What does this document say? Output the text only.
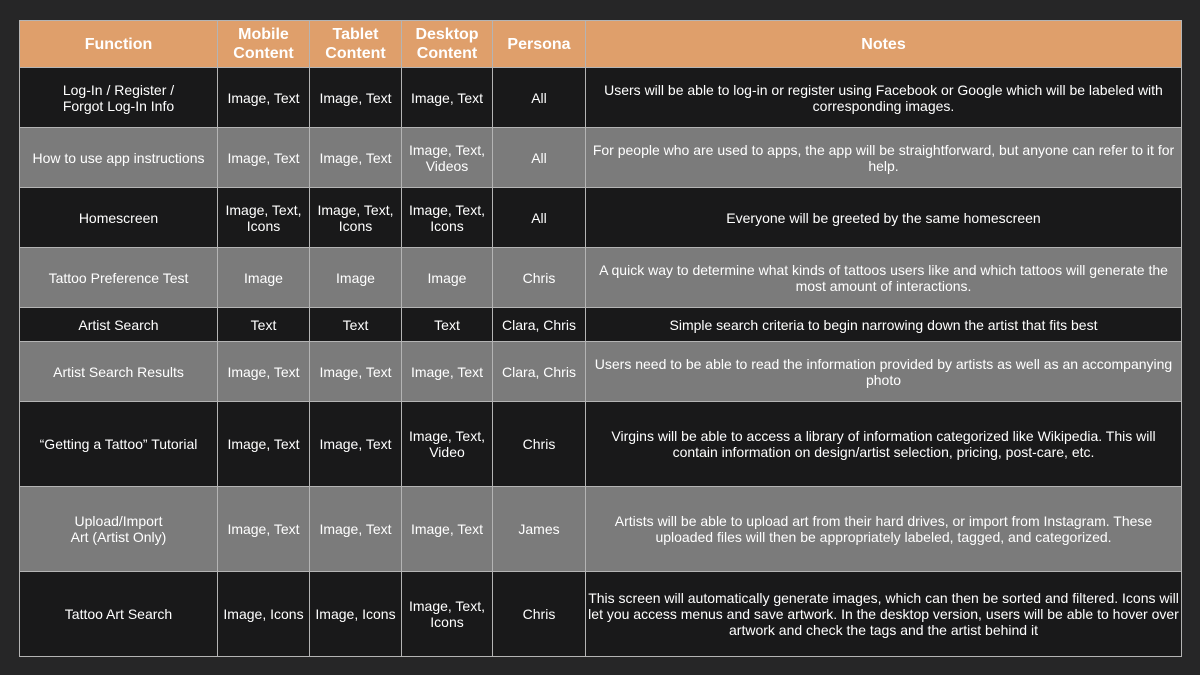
Function	Mobile Content	Tablet Content	Desktop Content	Persona	Notes
Log-In / Register / Forgot Log-In Info	Image, Text	Image, Text	Image, Text	All	Users will be able to log-in or register using Facebook or Google which will be labeled with corresponding images.
How to use app instructions	Image, Text	Image, Text	Image, Text, Videos	All	For people who are used to apps, the app will be straightforward, but anyone can refer to it for help.
Homescreen	Image, Text, Icons	Image, Text, Icons	Image, Text, Icons	All	Everyone will be greeted by the same homescreen
Tattoo Preference Test	Image	Image	Image	Chris	A quick way to determine what kinds of tattoos users like and which tattoos will generate the most amount of interactions.
Artist Search	Text	Text	Text	Clara, Chris	Simple search criteria to begin narrowing down the artist that fits best
Artist Search Results	Image, Text	Image, Text	Image, Text	Clara, Chris	Users need to be able to read the information provided by artists as well as an accompanying photo
“Getting a Tattoo” Tutorial	Image, Text	Image, Text	Image, Text, Video	Chris	Virgins will be able to access a library of information categorized like Wikipedia. This will contain information on design/artist selection, pricing, post-care, etc.
Upload/Import Art (Artist Only)	Image, Text	Image, Text	Image, Text	James	Artists will be able to upload art from their hard drives, or import from Instagram. These uploaded files will then be appropriately labeled, tagged, and categorized.
Tattoo Art Search	Image, Icons	Image, Icons	Image, Text, Icons	Chris	This screen will automatically generate images, which can then be sorted and filtered. Icons will let you access menus and save artwork. In the desktop version, users will be able to hover over artwork and check the tags and the artist behind it
